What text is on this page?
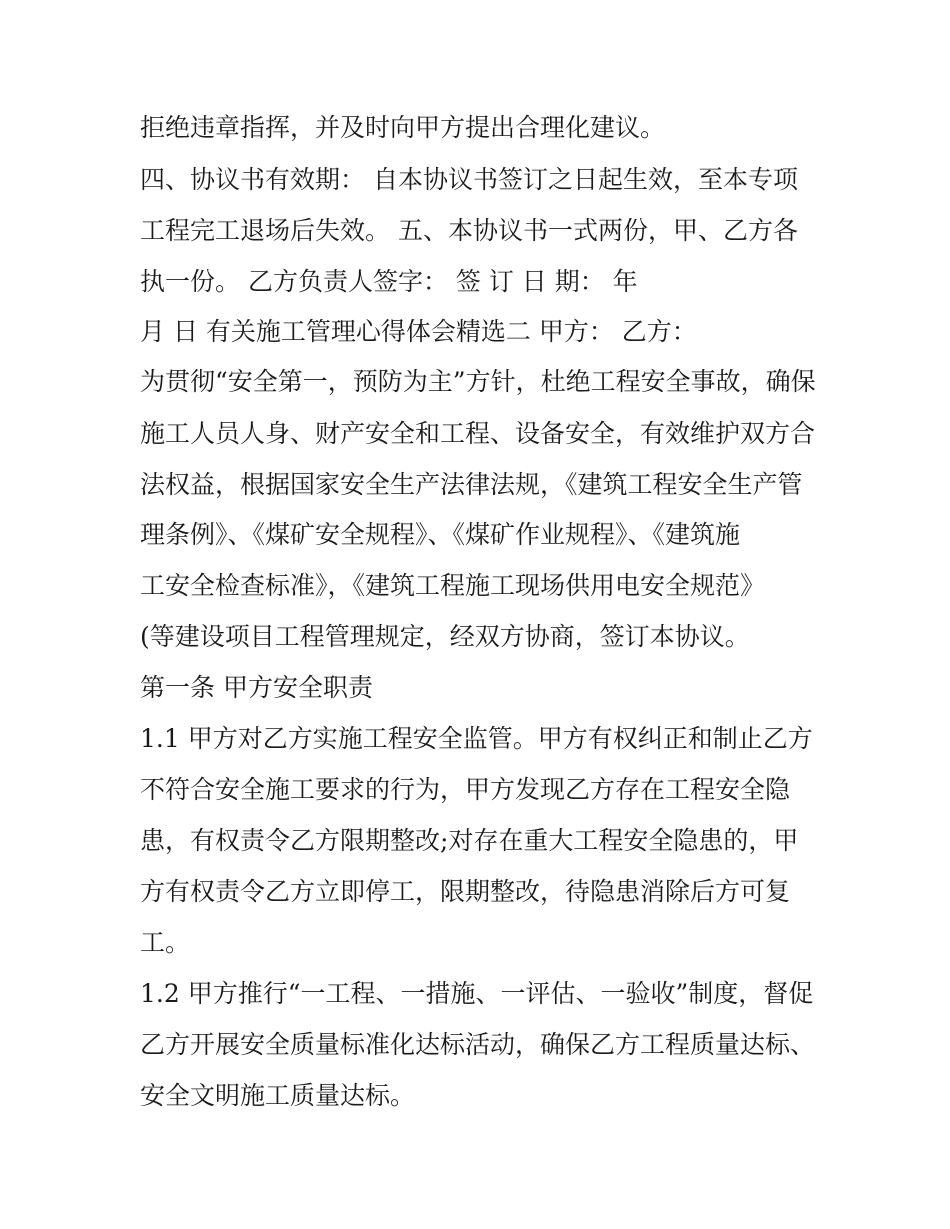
拒绝违章指挥，并及时向甲方提出合理化建议。
四、协议书有效期： 自本协议书签订之日起生效，至本专项
工程完工退场后失效。 五、本协议书一式两份，甲、乙方各
执一份。 乙方负责人签字： 签 订 日 期： 年
月 日 有关施工管理心得体会精选二 甲方： 乙方：
为贯彻“安全第一，预防为主”方针，杜绝工程安全事故，确保
施工人员人身、财产安全和工程、设备安全，有效维护双方合
法权益，根据国家安全生产法律法规，《建筑工程安全生产管
理条例》、《煤矿安全规程》、《煤矿作业规程》、《建筑施
工安全检查标准》，《建筑工程施工现场供用电安全规范》
(等建设项目工程管理规定，经双方协商，签订本协议。
第一条 甲方安全职责
1.1 甲方对乙方实施工程安全监管。甲方有权纠正和制止乙方
不符合安全施工要求的行为，甲方发现乙方存在工程安全隐
患，有权责令乙方限期整改;对存在重大工程安全隐患的，甲
方有权责令乙方立即停工，限期整改，待隐患消除后方可复
工。
1.2 甲方推行“一工程、一措施、一评估、一验收”制度，督促
乙方开展安全质量标准化达标活动，确保乙方工程质量达标、
安全文明施工质量达标。
